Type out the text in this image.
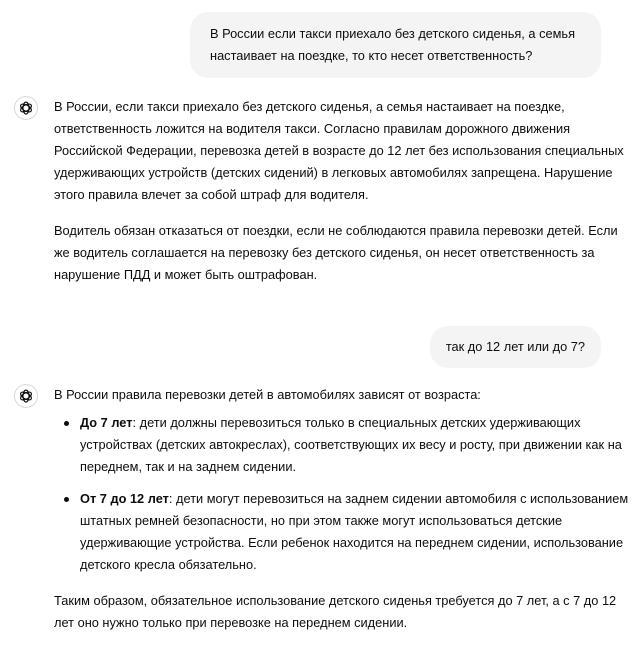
В России если такси приехало без детского сиденья, а семья
настаивает на поездке, то кто несет ответственность?
В России, если такси приехало без детского сиденья, а семья настаивает на поездке,
ответственность ложится на водителя такси. Согласно правилам дорожного движения
Российской Федерации, перевозка детей в возрасте до 12 лет без использования специальных
удерживающих устройств (детских сидений) в легковых автомобилях запрещена. Нарушение
этого правила влечет за собой штраф для водителя.
Водитель обязан отказаться от поездки, если не соблюдаются правила перевозки детей. Если
же водитель соглашается на перевозку без детского сиденья, он несет ответственность за
нарушение ПДД и может быть оштрафован.
так до 12 лет или до 7?
В России правила перевозки детей в автомобилях зависят от возраста:
До 7 лет: дети должны перевозиться только в специальных детских удерживающих
устройствах (детских автокреслах), соответствующих их весу и росту, при движении как на
переднем, так и на заднем сидении.
От 7 до 12 лет: дети могут перевозиться на заднем сидении автомобиля с использованием
штатных ремней безопасности, но при этом также могут использоваться детские
удерживающие устройства. Если ребенок находится на переднем сидении, использование
детского кресла обязательно.
Таким образом, обязательное использование детского сиденья требуется до 7 лет, а с 7 до 12
лет оно нужно только при перевозке на переднем сидении.
